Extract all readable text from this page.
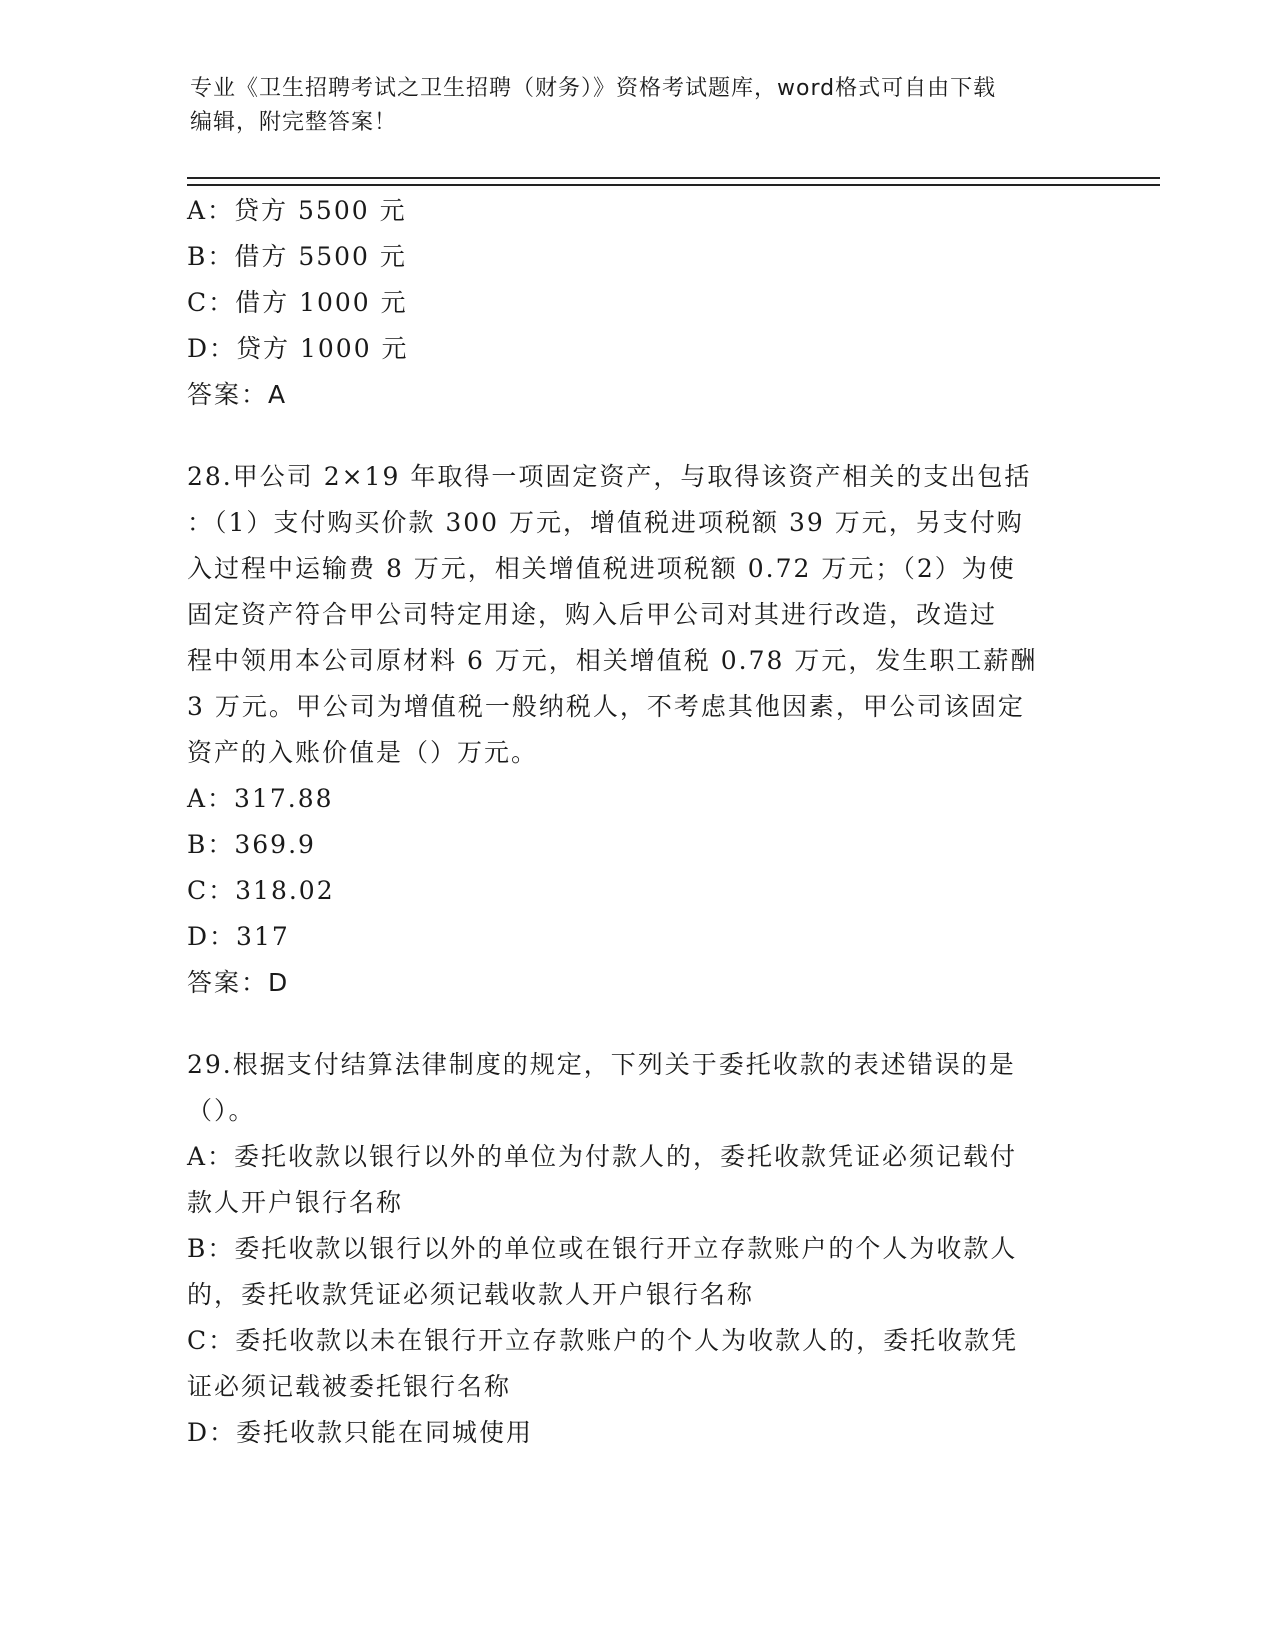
专业《卫生招聘考试之卫生招聘（财务）》资格考试题库，word格式可自由下载
编辑，附完整答案！

A：贷方 5500 元

B：借方 5500 元

C：借方 1000 元

D：贷方 1000 元

答案：A

28.甲公司 2×19 年取得一项固定资产，与取得该资产相关的支出包括

：（1）支付购买价款 300 万元，增值税进项税额 39 万元，另支付购

入过程中运输费 8 万元，相关增值税进项税额 0.72 万元；（2）为使

固定资产符合甲公司特定用途，购入后甲公司对其进行改造，改造过

程中领用本公司原材料 6 万元，相关增值税 0.78 万元，发生职工薪酬

3 万元。甲公司为增值税一般纳税人，不考虑其他因素，甲公司该固定

资产的入账价值是（）万元。

A：317.88

B：369.9

C：318.02

D：317

答案：D

29.根据支付结算法律制度的规定，下列关于委托收款的表述错误的是

（）。

A：委托收款以银行以外的单位为付款人的，委托收款凭证必须记载付

款人开户银行名称

B：委托收款以银行以外的单位或在银行开立存款账户的个人为收款人

的，委托收款凭证必须记载收款人开户银行名称

C：委托收款以未在银行开立存款账户的个人为收款人的，委托收款凭

证必须记载被委托银行名称

D：委托收款只能在同城使用
